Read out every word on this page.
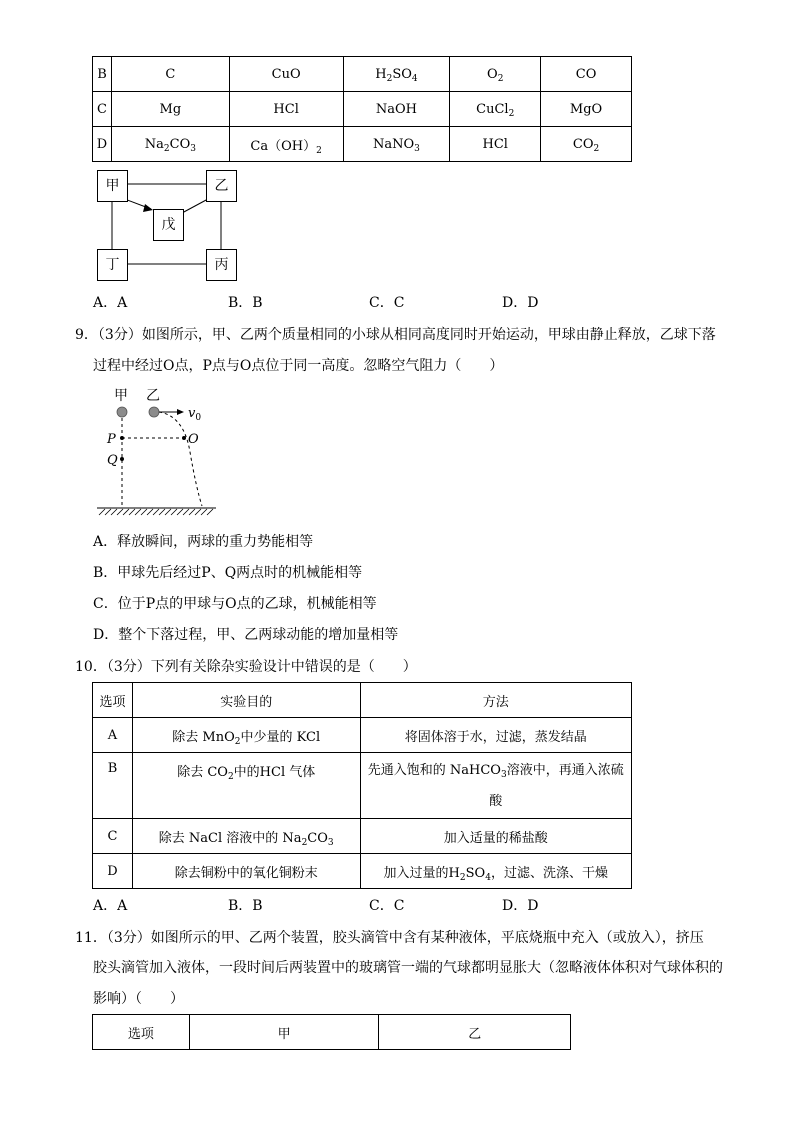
B	C	CuO	$H_2SO_4$	$O_2$	CO
C	Mg	HCl	NaOH	CuCl$_2$	MgO
D	$Na_2CO_3$	$Ca(OH)_2$	NaNO$_3$	HCl	$CO_2$
甲	乙
戊
丁	丙
A．A	B．B	C．C	D．D
9．（3分）如图所示，甲、乙两个质量相同的小球从相同高度同时开始运动，甲球由静止释放，乙球下落
过程中经过O点，P点与O点位于同一高度。忽略空气阻力（　　）
甲 乙
$v_0$
P
Q
O
A．释放瞬间，两球的重力势能相等
B．甲球先后经过P、Q两点时的机械能相等
C．位于P点的甲球与O点的乙球，机械能相等
D．整个下落过程，甲、乙两球动能的增加量相等
10．（3分）下列有关除杂实验设计中错误的是（　　）
选项	实验目的	方法
A	除去 MnO$_2$中少量的 KCl	将固体溶于水，过滤，蒸发结晶
B	除去 $CO_2$中的HCl 气体	先通入饱和的 NaHCO$_3$溶液中，再通入浓硫
酸
C	除去 NaCl 溶液中的 $Na_2CO_3$	加入适量的稀盐酸
D	除去铜粉中的氧化铜粉末	加入过量的$H_2SO_4$，过滤、洗涤、干燥
A．A	B．B	C．C	D．D
11．（3分）如图所示的甲、乙两个装置，胶头滴管中含有某种液体，平底烧瓶中充入（或放入），挤压
胶头滴管加入液体，一段时间后两装置中的玻璃管一端的气球都明显胀大（忽略液体体积对气球体积的
影响）（　　）
选项	甲	乙
